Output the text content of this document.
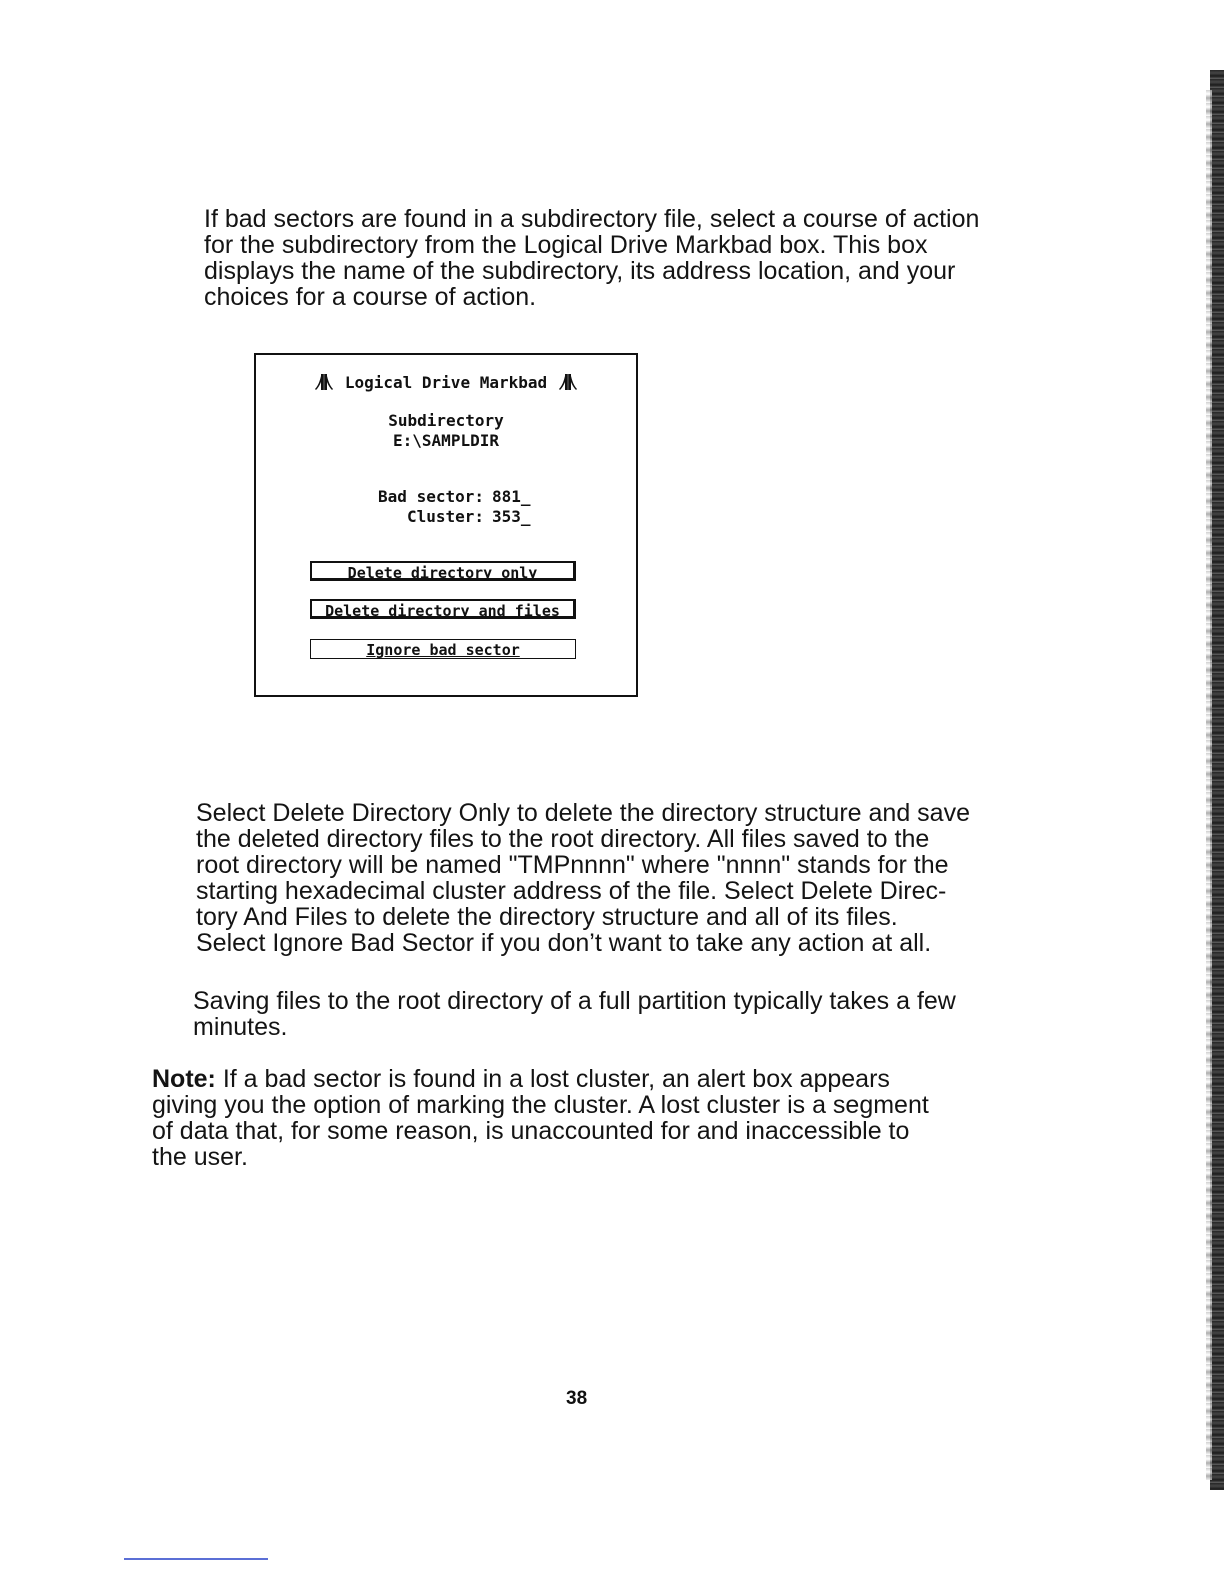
If bad sectors are found in a subdirectory file, select a course of action
for the subdirectory from the Logical Drive Markbad box. This box
displays the name of the subdirectory, its address location, and your
choices for a course of action.

Logical Drive Markbad
Subdirectory
E:\SAMPLDIR
Bad sector: 881_
Cluster: 353_
Delete directory only
Delete directory and files
Ignore bad sector

Select Delete Directory Only to delete the directory structure and save
the deleted directory files to the root directory. All files saved to the
root directory will be named "TMPnnnn" where "nnnn" stands for the
starting hexadecimal cluster address of the file. Select Delete Direc-
tory And Files to delete the directory structure and all of its files.
Select Ignore Bad Sector if you don’t want to take any action at all.

Saving files to the root directory of a full partition typically takes a few
minutes.

Note: If a bad sector is found in a lost cluster, an alert box appears
giving you the option of marking the cluster. A lost cluster is a segment
of data that, for some reason, is unaccounted for and inaccessible to
the user.

38
